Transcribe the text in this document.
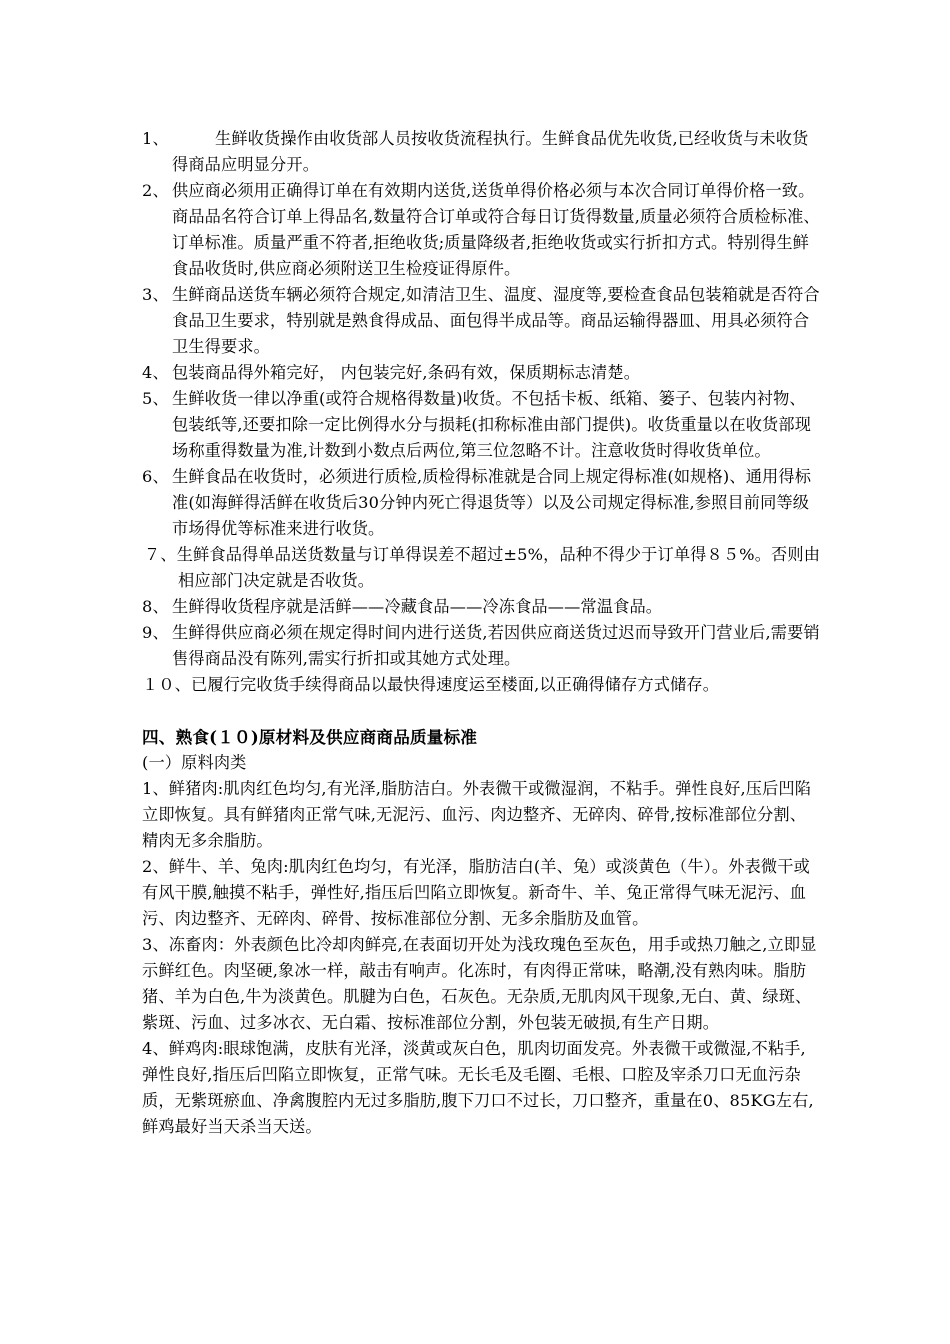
1、	生鲜收货操作由收货部人员按收货流程执行。生鲜食品优先收货,已经收货与未收货得商品应明显分开。

2、 供应商必须用正确得订单在有效期内送货,送货单得价格必须与本次合同订单得价格一致。商品品名符合订单上得品名,数量符合订单或符合每日订货得数量,质量必须符合质检标准、订单标准。质量严重不符者,拒绝收货;质量降级者,拒绝收货或实行折扣方式。特别得生鲜食品收货时,供应商必须附送卫生检疫证得原件。

3、 生鲜商品送货车辆必须符合规定,如清洁卫生、温度、湿度等,要检查食品包装箱就是否符合食品卫生要求，特别就是熟食得成品、面包得半成品等。商品运输得器皿、用具必须符合卫生得要求。

4、 包装商品得外箱完好， 内包装完好,条码有效，保质期标志清楚。

5、 生鲜收货一律以净重(或符合规格得数量)收货。不包括卡板、纸箱、篓子、包装内衬物、包装纸等,还要扣除一定比例得水分与损耗(扣称标准由部门提供)。收货重量以在收货部现场称重得数量为准,计数到小数点后两位,第三位忽略不计。注意收货时得收货单位。

6、 生鲜食品在收货时，必须进行质检,质检得标准就是合同上规定得标准(如规格)、通用得标准(如海鲜得活鲜在收货后30分钟内死亡得退货等）以及公司规定得标准,参照目前同等级市场得优等标准来进行收货。

７、生鲜食品得单品送货数量与订单得误差不超过±5%，品种不得少于订单得８５%。否则由相应部门决定就是否收货。

8、 生鲜得收货程序就是活鲜——冷藏食品——冷冻食品——常温食品。

9、 生鲜得供应商必须在规定得时间内进行送货,若因供应商送货过迟而导致开门营业后,需要销售得商品没有陈列,需实行折扣或其她方式处理。

１０、已履行完收货手续得商品以最快得速度运至楼面,以正确得储存方式储存。

四、熟食(１０)原材料及供应商商品质量标准

(一）原料肉类

1、鲜猪肉:肌肉红色均匀,有光泽,脂肪洁白。外表微干或微湿润，不粘手。弹性良好,压后凹陷立即恢复。具有鲜猪肉正常气味,无泥污、血污、肉边整齐、无碎肉、碎骨,按标准部位分割、精肉无多余脂肪。

2、鲜牛、羊、兔肉:肌肉红色均匀，有光泽，脂肪洁白(羊、兔）或淡黄色（牛）。外表微干或有风干膜,触摸不粘手，弹性好,指压后凹陷立即恢复。新奇牛、羊、兔正常得气味无泥污、血污、肉边整齐、无碎肉、碎骨、按标准部位分割、无多余脂肪及血管。

3、冻畜肉：外表颜色比冷却肉鲜亮,在表面切开处为浅玫瑰色至灰色，用手或热刀触之,立即显示鲜红色。肉坚硬,象冰一样，敲击有响声。化冻时，有肉得正常味，略潮,没有熟肉味。脂肪猪、羊为白色,牛为淡黄色。肌腱为白色，石灰色。无杂质,无肌肉风干现象,无白、黄、绿斑、紫斑、污血、过多冰衣、无白霜、按标准部位分割，外包装无破损,有生产日期。

4、鲜鸡肉:眼球饱满，皮肤有光泽，淡黄或灰白色，肌肉切面发亮。外表微干或微湿,不粘手,弹性良好,指压后凹陷立即恢复，正常气味。无长毛及毛圈、毛根、口腔及宰杀刀口无血污杂质，无紫斑瘀血、净禽腹腔内无过多脂肪,腹下刀口不过长，刀口整齐，重量在0、85KG左右,鲜鸡最好当天杀当天送。
